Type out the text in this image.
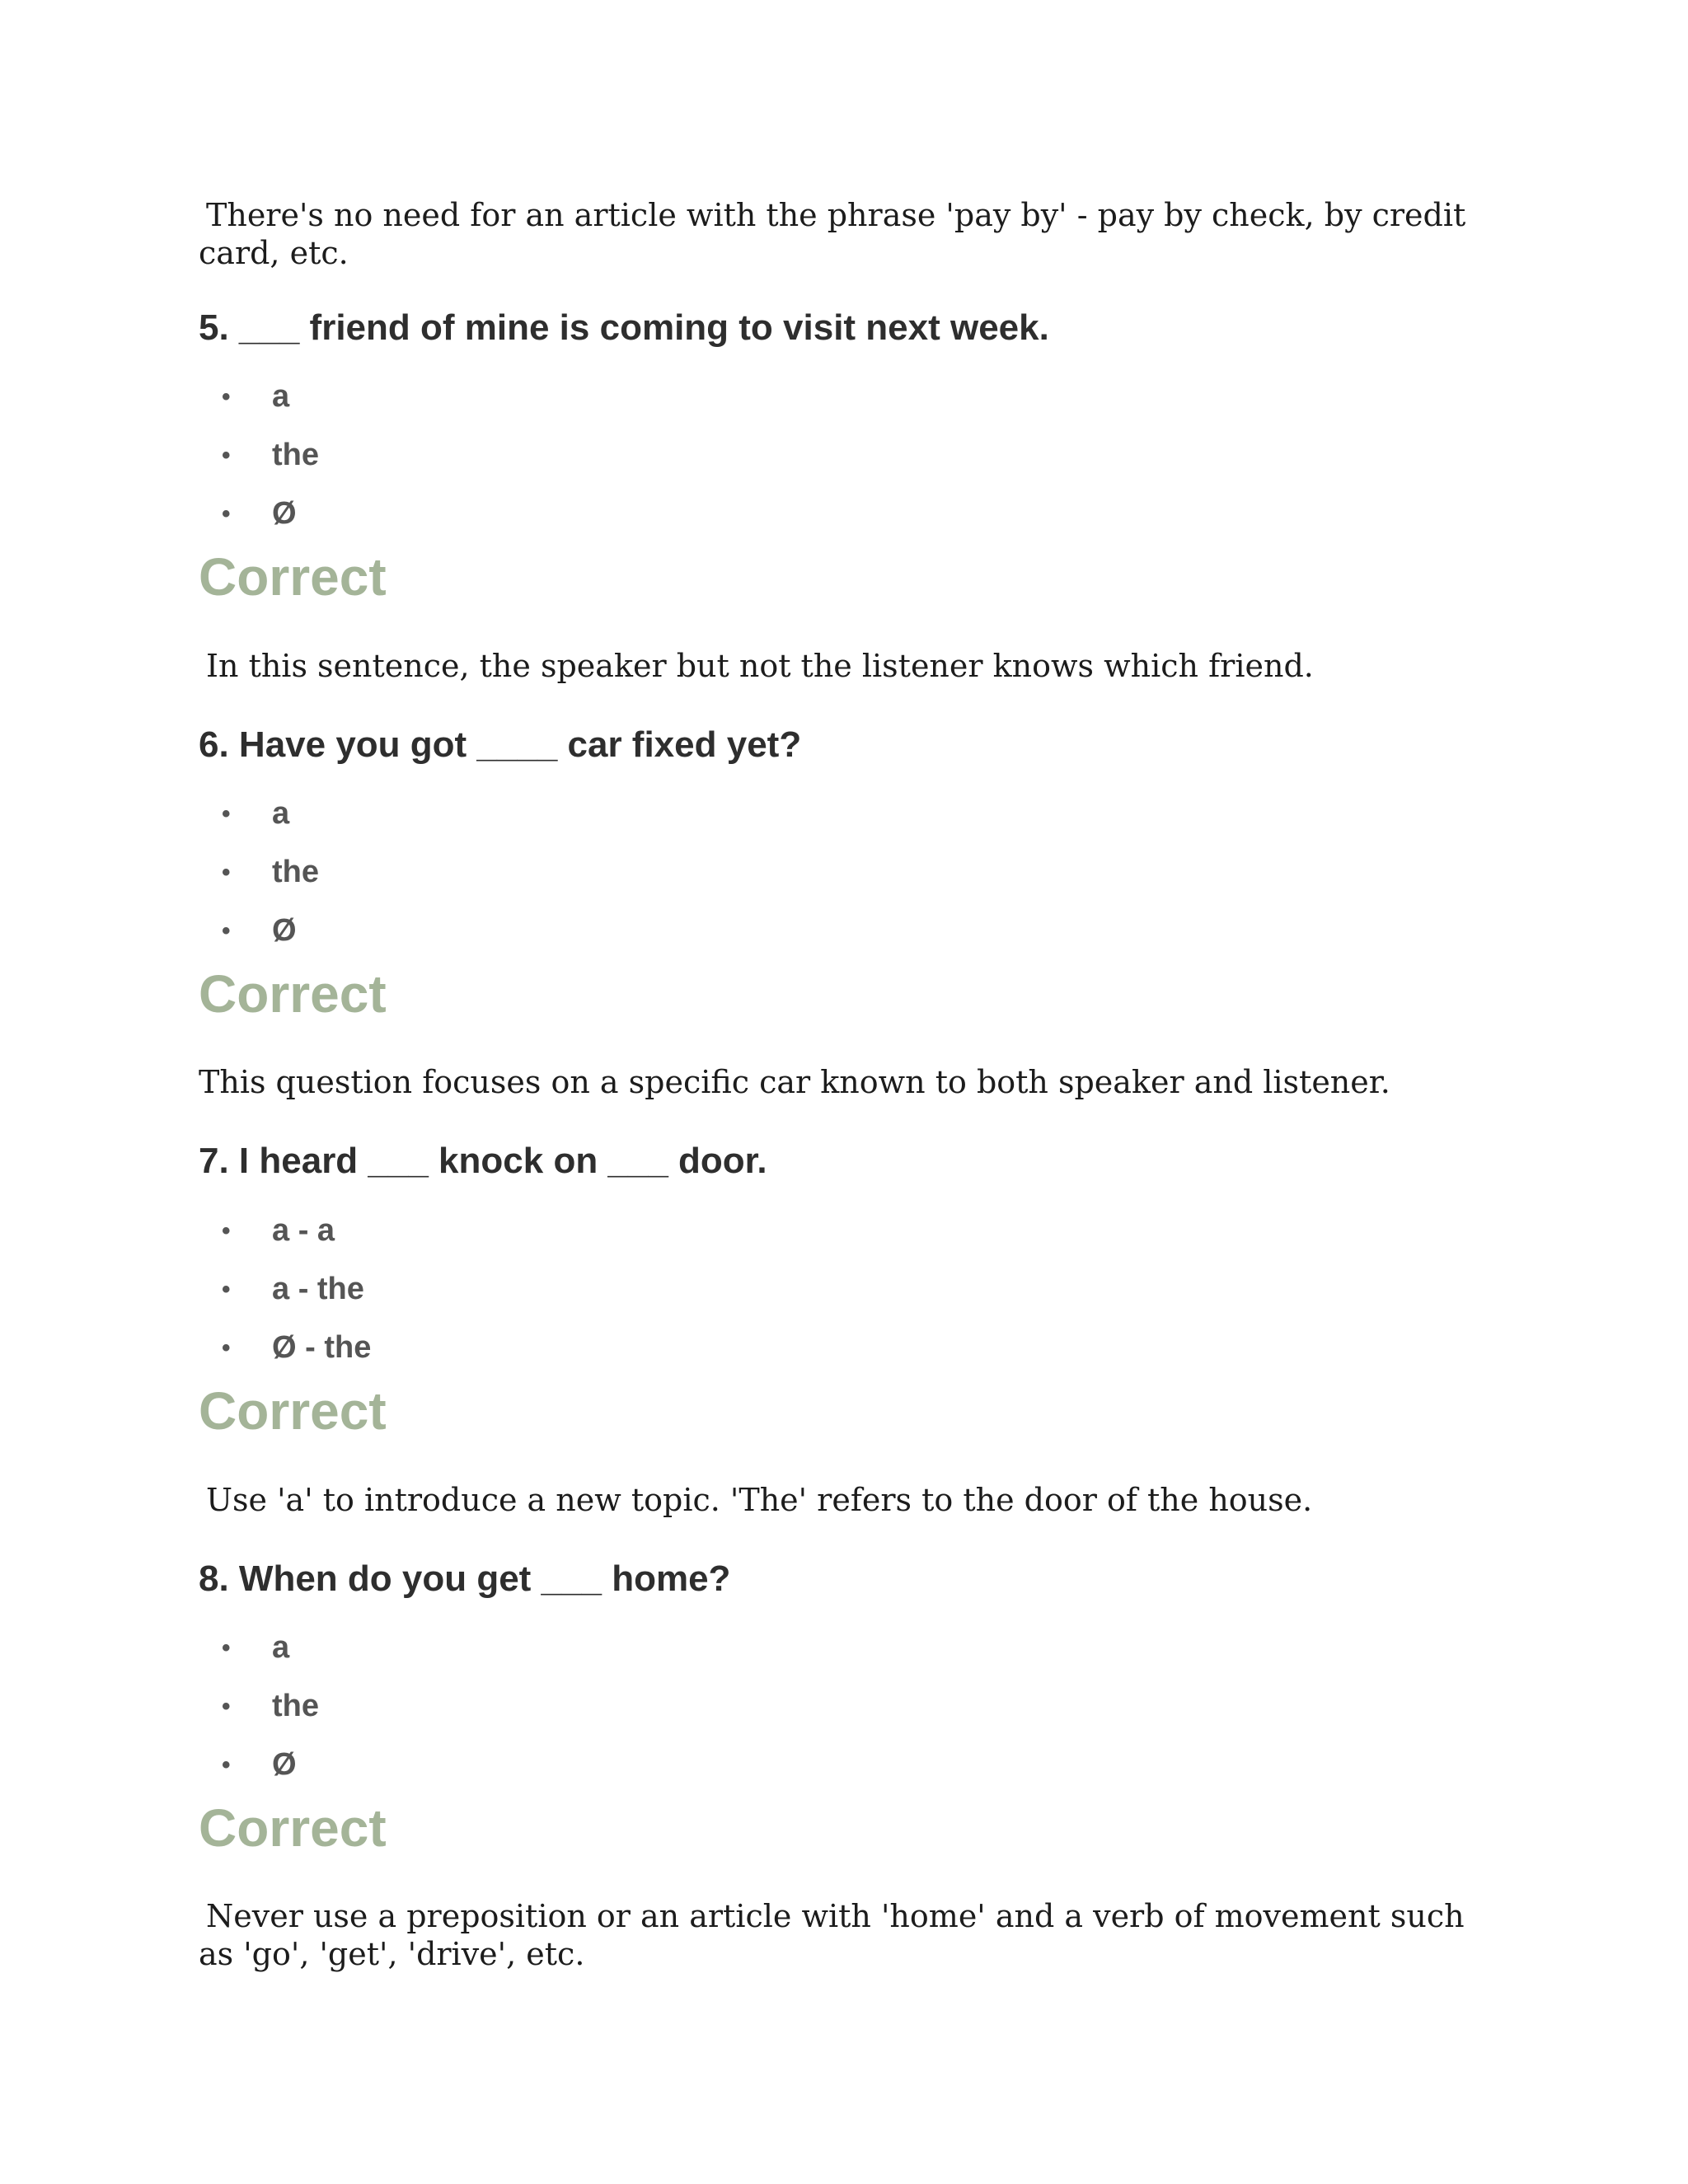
There's no need for an article with the phrase 'pay by' - pay by check, by credit card, etc.

5. ___ friend of mine is coming to visit next week.
• a
• the
• Ø
Correct

In this sentence, the speaker but not the listener knows which friend.

6. Have you got ____ car fixed yet?
• a
• the
• Ø
Correct

This question focuses on a specific car known to both speaker and listener.

7. I heard ___ knock on ___ door.
• a - a
• a - the
• Ø - the
Correct

Use 'a' to introduce a new topic. 'The' refers to the door of the house.

8. When do you get ___ home?
• a
• the
• Ø
Correct

Never use a preposition or an article with 'home' and a verb of movement such as 'go', 'get', 'drive', etc.
